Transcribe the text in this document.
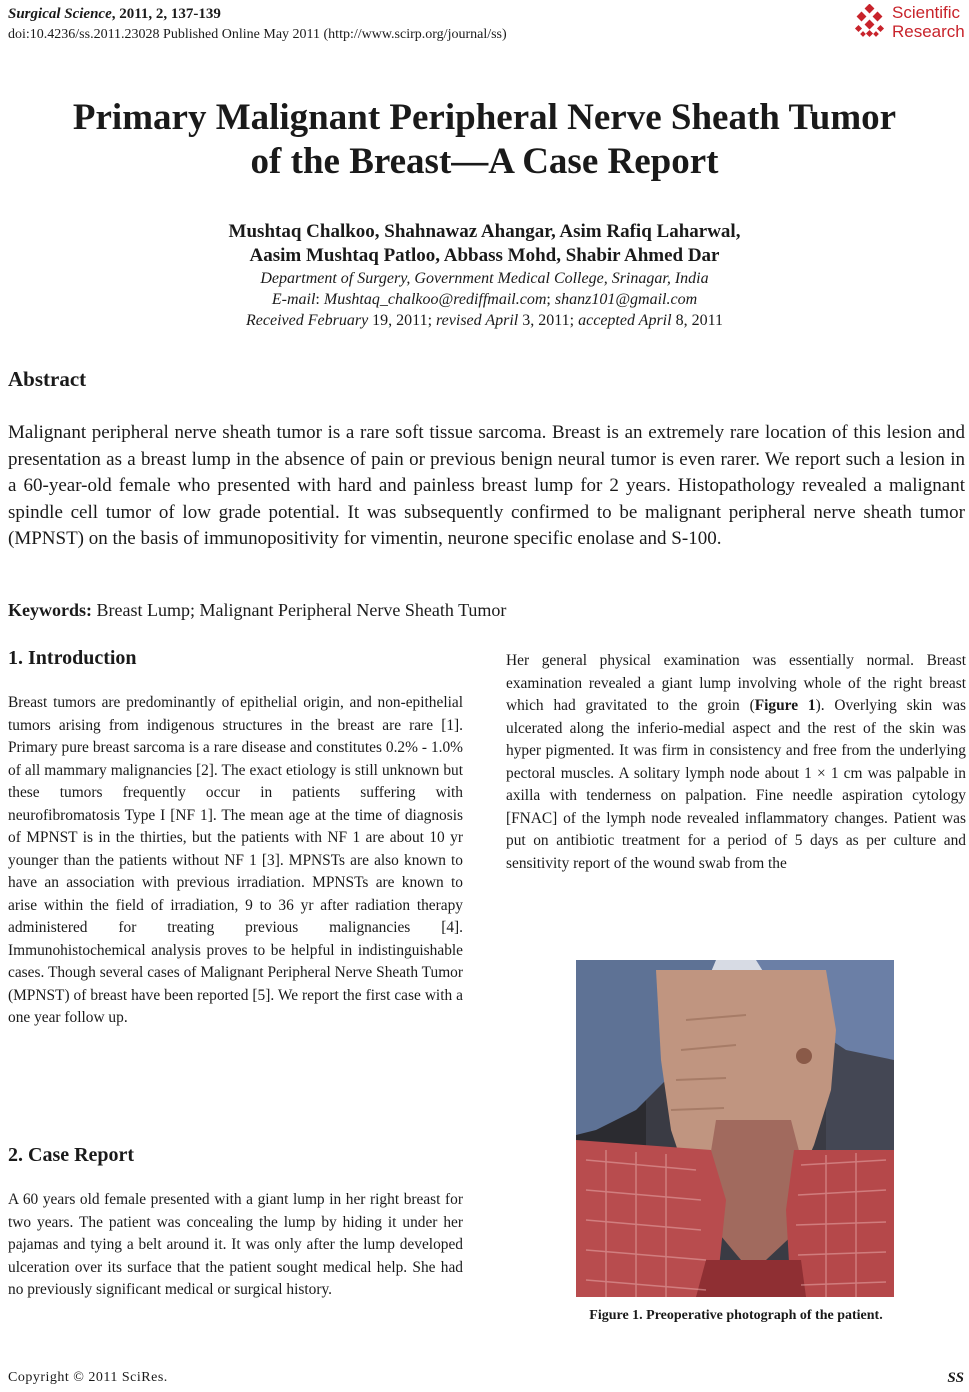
Surgical Science, 2011, 2, 137-139
doi:10.4236/ss.2011.23028 Published Online May 2011 (http://www.scirp.org/journal/ss)
Scientific
Research
Primary Malignant Peripheral Nerve Sheath Tumor
of the Breast—A Case Report
Mushtaq Chalkoo, Shahnawaz Ahangar, Asim Rafiq Laharwal,
Aasim Mushtaq Patloo, Abbass Mohd, Shabir Ahmed Dar
Department of Surgery, Government Medical College, Srinagar, India
E-mail: Mushtaq_chalkoo@rediffmail.com; shanz101@gmail.com
Received February 19, 2011; revised April 3, 2011; accepted April 8, 2011
Abstract
Malignant peripheral nerve sheath tumor is a rare soft tissue sarcoma. Breast is an extremely rare location of this lesion and presentation as a breast lump in the absence of pain or previous benign neural tumor is even rarer. We report such a lesion in a 60-year-old female who presented with hard and painless breast lump for 2 years. Histopathology revealed a malignant spindle cell tumor of low grade potential. It was subsequently confirmed to be malignant peripheral nerve sheath tumor (MPNST) on the basis of immunopositivity for vimentin, neurone specific enolase and S-100.
Keywords: Breast Lump; Malignant Peripheral Nerve Sheath Tumor
1. Introduction
Breast tumors are predominantly of epithelial origin, and non-epithelial tumors arising from indigenous structures in the breast are rare [1]. Primary pure breast sarcoma is a rare disease and constitutes 0.2% - 1.0% of all mammary malignancies [2]. The exact etiology is still unknown but these tumors frequently occur in patients suffering with neurofibromatosis Type I [NF 1]. The mean age at the time of diagnosis of MPNST is in the thirties, but the patients with NF 1 are about 10 yr younger than the patients without NF 1 [3]. MPNSTs are also known to have an association with previous irradiation. MPNSTs are known to arise within the field of irradiation, 9 to 36 yr after radiation therapy administered for treating previous malignancies [4]. Immunohistochemical analysis proves to be helpful in indistinguishable cases. Though several cases of Malignant Peripheral Nerve Sheath Tumor (MPNST) of breast have been reported [5]. We report the first case with a one year follow up.
2. Case Report
A 60 years old female presented with a giant lump in her right breast for two years. The patient was concealing the lump by hiding it under her pajamas and tying a belt around it. It was only after the lump developed ulceration over its surface that the patient sought medical help. She had no previously significant medical or surgical history.
Her general physical examination was essentially normal. Breast examination revealed a giant lump involving whole of the right breast which had gravitated to the groin (Figure 1). Overlying skin was ulcerated along the inferio-medial aspect and the rest of the skin was hyper pigmented. It was firm in consistency and free from the underlying pectoral muscles. A solitary lymph node about 1 × 1 cm was palpable in axilla with tenderness on palpation. Fine needle aspiration cytology [FNAC] of the lymph node revealed inflammatory changes. Patient was put on antibiotic treatment for a period of 5 days as per culture and sensitivity report of the wound swab from the
Figure 1. Preoperative photograph of the patient.
Copyright © 2011 SciRes.	SS
